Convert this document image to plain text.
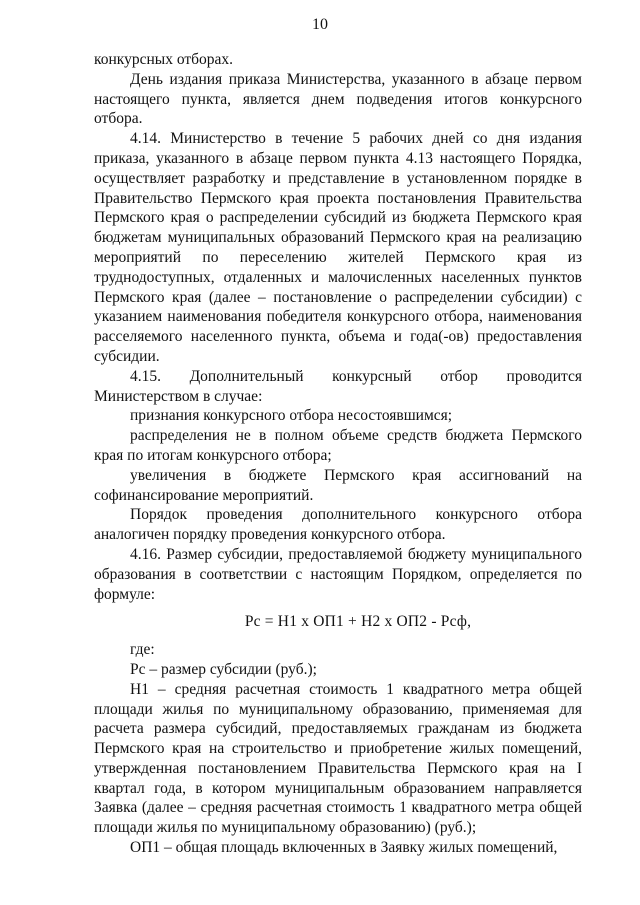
10

конкурсных отборах.

День издания приказа Министерства, указанного в абзаце первом настоящего пункта, является днем подведения итогов конкурсного отбора.

4.14. Министерство в течение 5 рабочих дней со дня издания приказа, указанного в абзаце первом пункта 4.13 настоящего Порядка, осуществляет разработку и представление в установленном порядке в Правительство Пермского края проекта постановления Правительства Пермского края о распределении субсидий из бюджета Пермского края бюджетам муниципальных образований Пермского края на реализацию мероприятий по переселению жителей Пермского края из труднодоступных, отдаленных и малочисленных населенных пунктов Пермского края (далее – постановление о распределении субсидии) с указанием наименования победителя конкурсного отбора, наименования расселяемого населенного пункта, объема и года(-ов) предоставления субсидии.

4.15. Дополнительный конкурсный отбор проводится Министерством в случае:

признания конкурсного отбора несостоявшимся;

распределения не в полном объеме средств бюджета Пермского края по итогам конкурсного отбора;

увеличения в бюджете Пермского края ассигнований на софинансирование мероприятий.

Порядок проведения дополнительного конкурсного отбора аналогичен порядку проведения конкурсного отбора.

4.16. Размер субсидии, предоставляемой бюджету муниципального образования в соответствии с настоящим Порядком, определяется по формуле:

Рс = Н1 х ОП1 + Н2 х ОП2 - Рсф,

где:

Рс – размер субсидии (руб.);

Н1 – средняя расчетная стоимость 1 квадратного метра общей площади жилья по муниципальному образованию, применяемая для расчета размера субсидий, предоставляемых гражданам из бюджета Пермского края на строительство и приобретение жилых помещений, утвержденная постановлением Правительства Пермского края на I квартал года, в котором муниципальным образованием направляется Заявка (далее – средняя расчетная стоимость 1 квадратного метра общей площади жилья по муниципальному образованию) (руб.);

ОП1 – общая площадь включенных в Заявку жилых помещений,
